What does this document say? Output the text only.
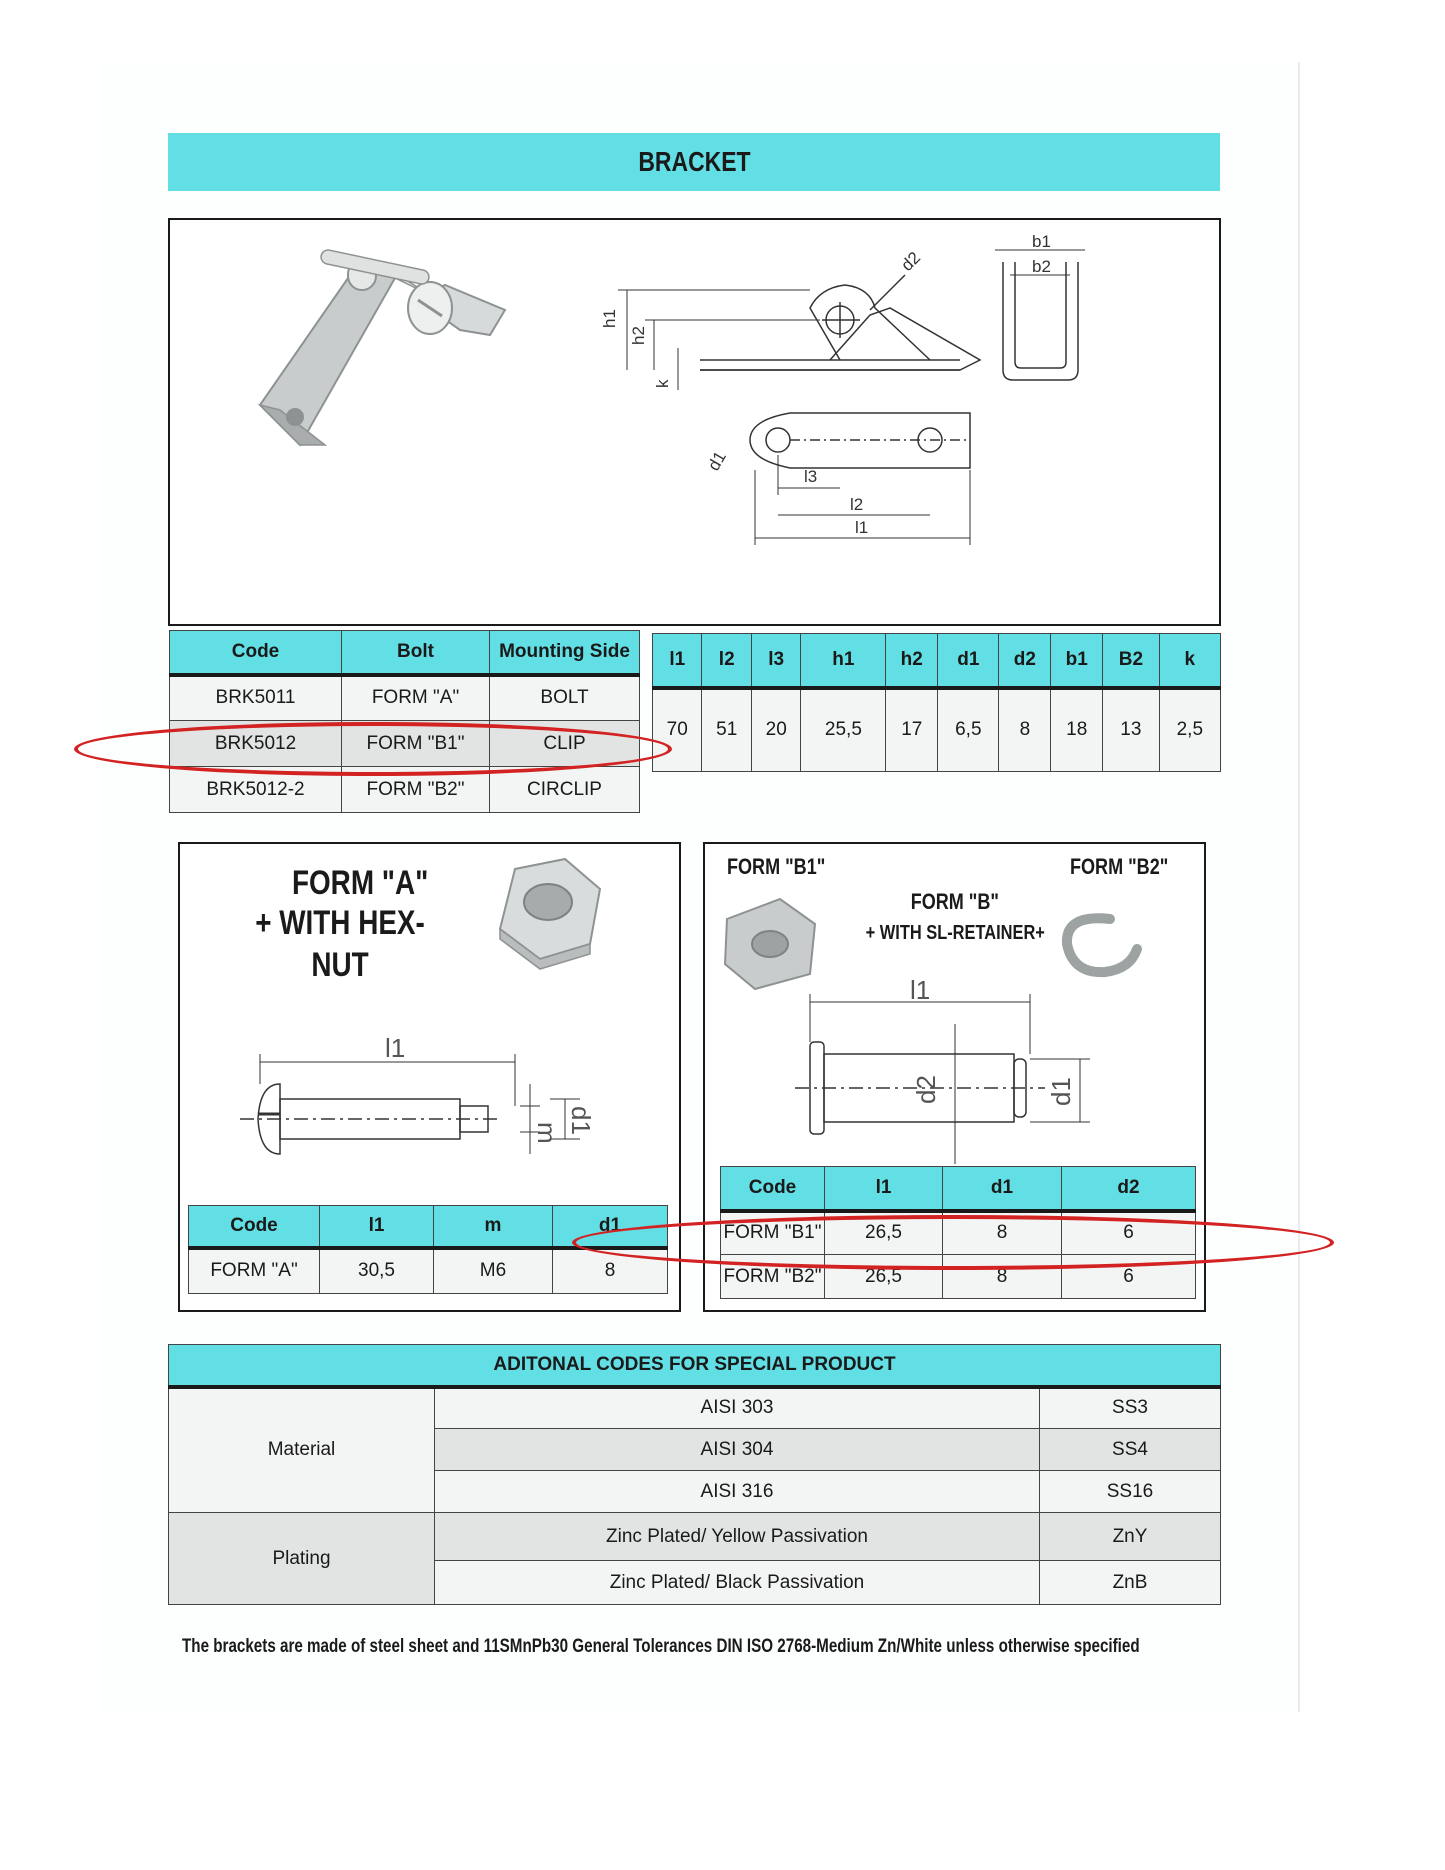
BRACKET
h1
h2
k
d2
b1
b2
d1
l3
l2
l1
Code	Bolt	Mounting Side
BRK5011	FORM "A"	BOLT
BRK5012	FORM "B1"	CLIP
BRK5012-2	FORM "B2"	CIRCLIP
l1	l2	l3	h1	h2	d1	d2	b1	B2	k
70	51	20	25,5	17	6,5	8	18	13	2,5
l1
m d1
FORM "A"
+ WITH HEX-NUT
Code	l1	m	d1
FORM "A"	30,5	M6	8
l1
d2	d1
FORM "B1"	FORM "B2"
FORM "B"
+ WITH SL-RETAINER+
Code	l1	d1	d2
FORM "B1"	26,5	8	6
FORM "B2"	26,5	8	6
ADITONAL CODES FOR SPECIAL PRODUCT		
Material	AISI 303	SS3
	AISI 304	SS4
	AISI 316	SS16
Plating	Zinc Plated/ Yellow Passivation	ZnY
	Zinc Plated/ Black Passivation	ZnB
The brackets are made of steel sheet and 11SMnPb30 General Tolerances DIN ISO 2768-Medium Zn/White unless otherwise specified
